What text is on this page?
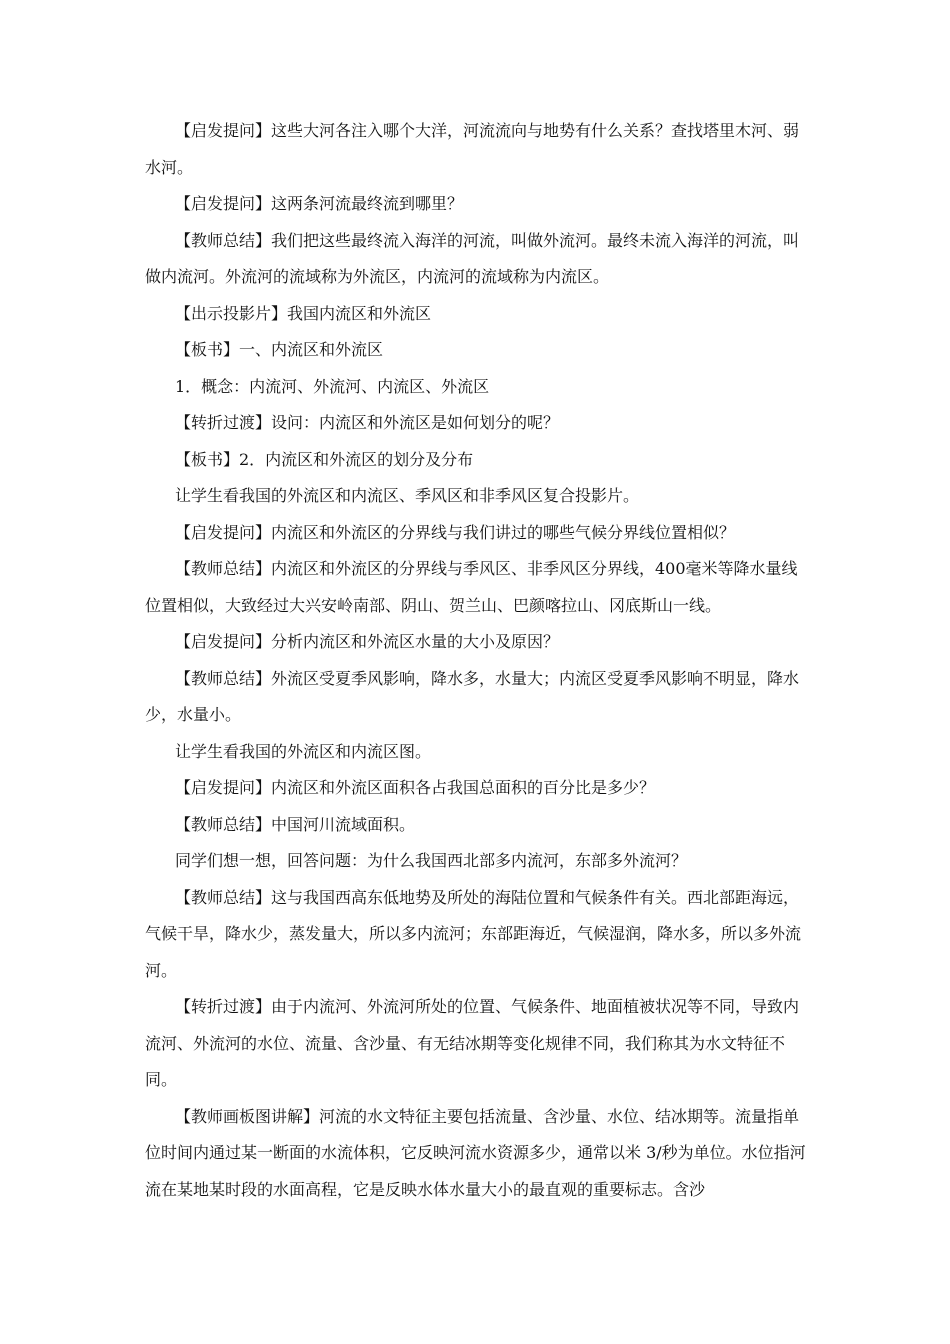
【启发提问】这些大河各注入哪个大洋，河流流向与地势有什么关系？查找塔里木河、弱水河。

【启发提问】这两条河流最终流到哪里？

【教师总结】我们把这些最终流入海洋的河流，叫做外流河。最终未流入海洋的河流，叫做内流河。外流河的流域称为外流区，内流河的流域称为内流区。

【出示投影片】我国内流区和外流区

【板书】一、内流区和外流区

1．概念：内流河、外流河、内流区、外流区

【转折过渡】设问：内流区和外流区是如何划分的呢？

【板书】2．内流区和外流区的划分及分布

让学生看我国的外流区和内流区、季风区和非季风区复合投影片。

【启发提问】内流区和外流区的分界线与我们讲过的哪些气候分界线位置相似？

【教师总结】内流区和外流区的分界线与季风区、非季风区分界线，400毫米等降水量线位置相似，大致经过大兴安岭南部、阴山、贺兰山、巴颜喀拉山、冈底斯山一线。

【启发提问】分析内流区和外流区水量的大小及原因？

【教师总结】外流区受夏季风影响，降水多，水量大；内流区受夏季风影响不明显，降水少，水量小。

让学生看我国的外流区和内流区图。

【启发提问】内流区和外流区面积各占我国总面积的百分比是多少？

【教师总结】中国河川流域面积。

同学们想一想，回答问题：为什么我国西北部多内流河，东部多外流河？

【教师总结】这与我国西高东低地势及所处的海陆位置和气候条件有关。西北部距海远，气候干旱，降水少，蒸发量大，所以多内流河；东部距海近，气候湿润，降水多，所以多外流河。

【转折过渡】由于内流河、外流河所处的位置、气候条件、地面植被状况等不同，导致内流河、外流河的水位、流量、含沙量、有无结冰期等变化规律不同，我们称其为水文特征不同。

【教师画板图讲解】河流的水文特征主要包括流量、含沙量、水位、结冰期等。流量指单位时间内通过某一断面的水流体积，它反映河流水资源多少，通常以米 3/秒为单位。水位指河流在某地某时段的水面高程，它是反映水体水量大小的最直观的重要标志。含沙
